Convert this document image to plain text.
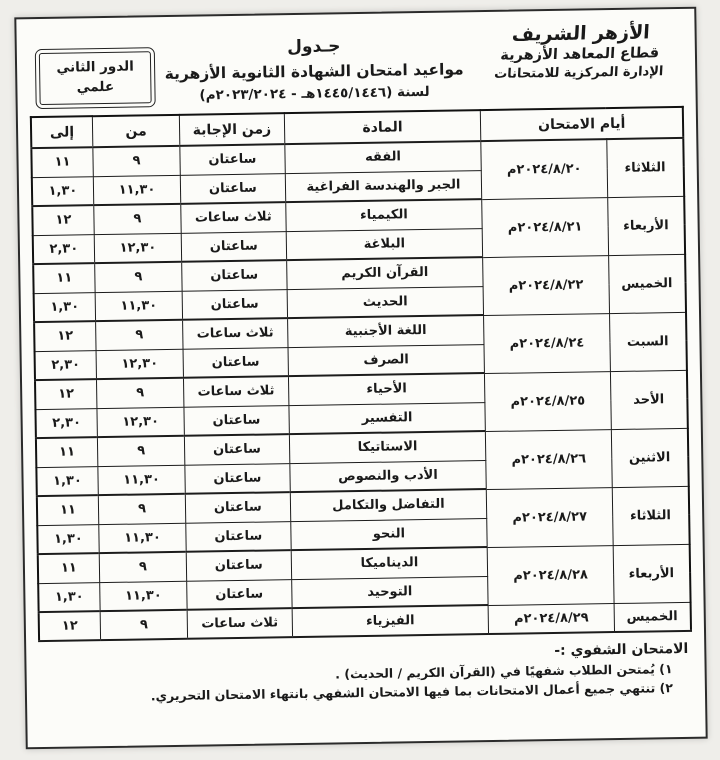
الأزهر الشريف
قطاع المعاهد الأزهرية
الإدارة المركزية للامتحانات
جـدول
مواعيد امتحان الشهادة الثانوية الأزهرية
لسنة (١٤٤٥/١٤٤٦هـ - ٢٠٢٣/٢٠٢٤م)
الدور الثاني
علمي
أيام الامتحان		المادة	زمن الإجابة	من	إلى
الثلاثاء	٢٠٢٤/٨/٢٠م	الفقه	ساعتان	٩	١١
		الجبر والهندسة الفراغية	ساعتان	١١,٣٠	١,٣٠
الأربعاء	٢٠٢٤/٨/٢١م	الكيمياء	ثلاث ساعات	٩	١٢
		البلاغة	ساعتان	١٢,٣٠	٢,٣٠
الخميس	٢٠٢٤/٨/٢٢م	القرآن الكريم	ساعتان	٩	١١
		الحديث	ساعتان	١١,٣٠	١,٣٠
السبت	٢٠٢٤/٨/٢٤م	اللغة الأجنبية	ثلاث ساعات	٩	١٢
		الصرف	ساعتان	١٢,٣٠	٢,٣٠
الأحد	٢٠٢٤/٨/٢٥م	الأحياء	ثلاث ساعات	٩	١٢
		التفسير	ساعتان	١٢,٣٠	٢,٣٠
الاثنين	٢٠٢٤/٨/٢٦م	الاستاتيكا	ساعتان	٩	١١
		الأدب والنصوص	ساعتان	١١,٣٠	١,٣٠
الثلاثاء	٢٠٢٤/٨/٢٧م	التفاضل والتكامل	ساعتان	٩	١١
		النحو	ساعتان	١١,٣٠	١,٣٠
الأربعاء	٢٠٢٤/٨/٢٨م	الديناميكا	ساعتان	٩	١١
		التوحيد	ساعتان	١١,٣٠	١,٣٠
الخميس	٢٠٢٤/٨/٢٩م	الفيزياء	ثلاث ساعات	٩	١٢
الامتحان الشفوي :-
١) يُمتحن الطلاب شفهيًا في (القرآن الكريم / الحديث) .
٢) تنتهي جميع أعمال الامتحانات بما فيها الامتحان الشفهي بانتهاء الامتحان التحريري.
